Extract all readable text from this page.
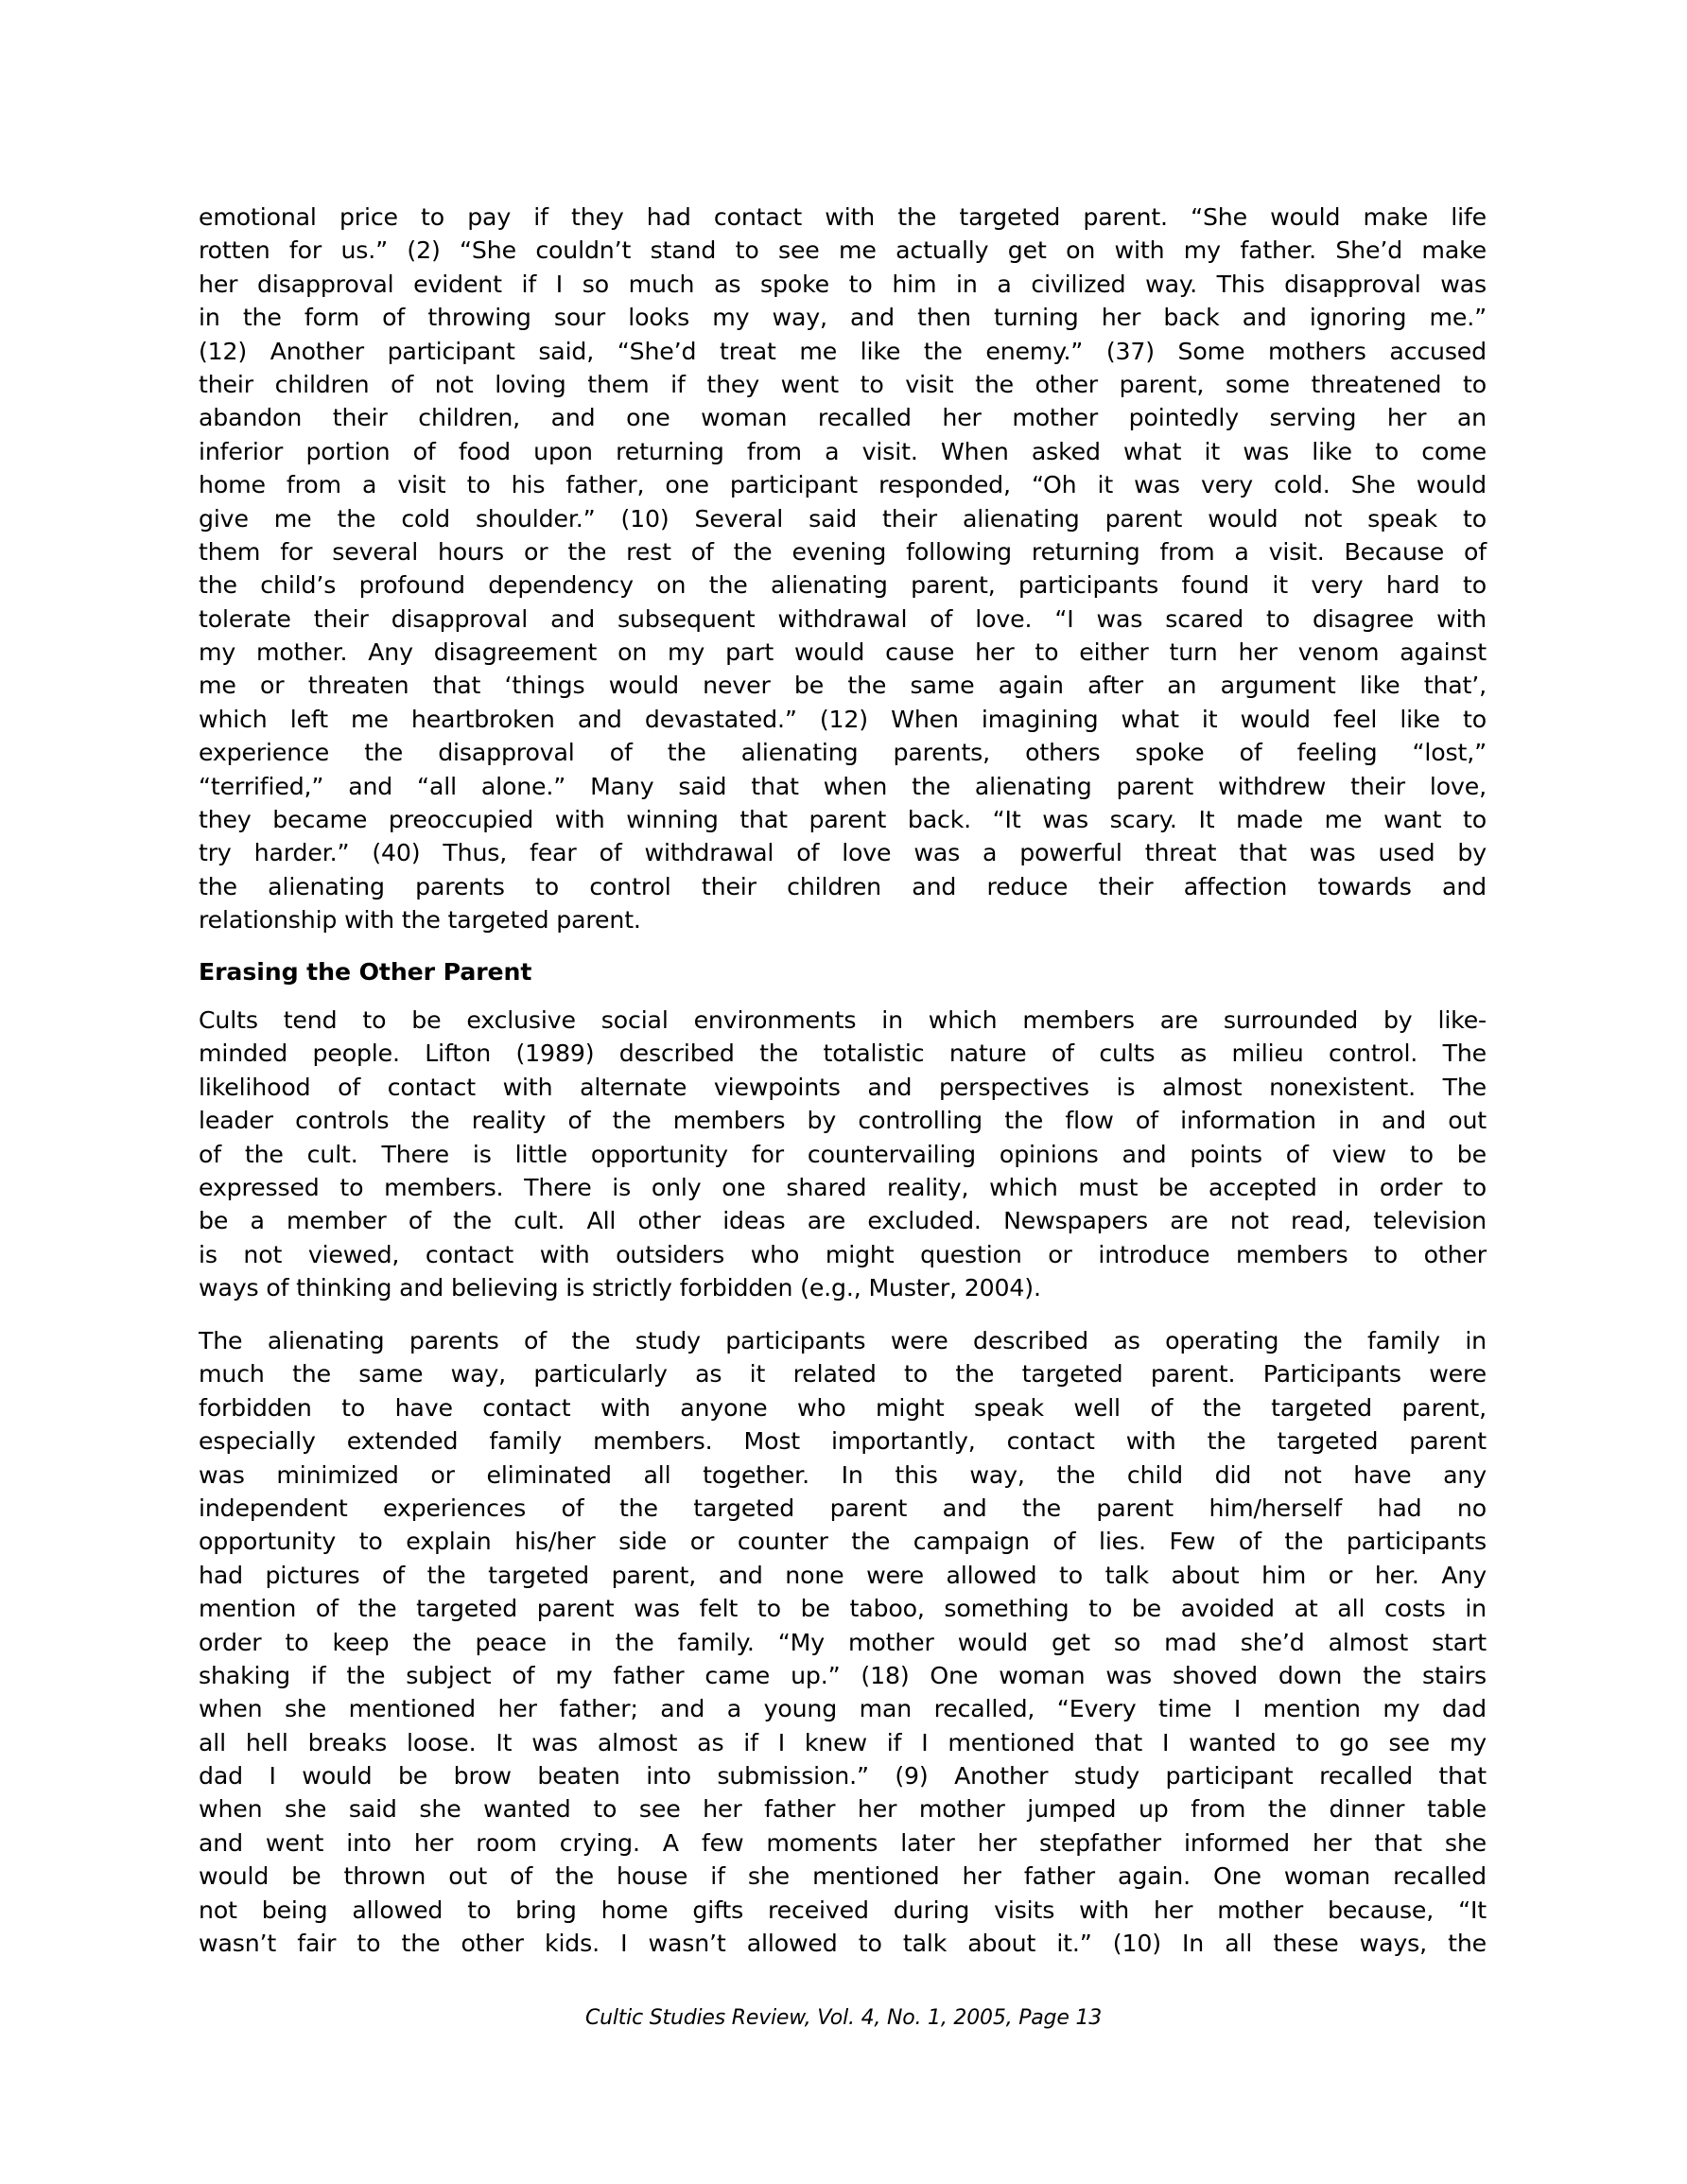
emotional price to pay if they had contact with the targeted parent. “She would make life
rotten for us.” (2) “She couldn’t stand to see me actually get on with my father. She’d make
her disapproval evident if I so much as spoke to him in a civilized way. This disapproval was
in the form of throwing sour looks my way, and then turning her back and ignoring me.”
(12) Another participant said, “She’d treat me like the enemy.” (37) Some mothers accused
their children of not loving them if they went to visit the other parent, some threatened to
abandon their children, and one woman recalled her mother pointedly serving her an
inferior portion of food upon returning from a visit. When asked what it was like to come
home from a visit to his father, one participant responded, “Oh it was very cold. She would
give me the cold shoulder.” (10) Several said their alienating parent would not speak to
them for several hours or the rest of the evening following returning from a visit. Because of
the child’s profound dependency on the alienating parent, participants found it very hard to
tolerate their disapproval and subsequent withdrawal of love. “I was scared to disagree with
my mother. Any disagreement on my part would cause her to either turn her venom against
me or threaten that ‘things would never be the same again after an argument like that’,
which left me heartbroken and devastated.” (12) When imagining what it would feel like to
experience the disapproval of the alienating parents, others spoke of feeling “lost,”
“terrified,” and “all alone.” Many said that when the alienating parent withdrew their love,
they became preoccupied with winning that parent back. “It was scary. It made me want to
try harder.” (40) Thus, fear of withdrawal of love was a powerful threat that was used by
the alienating parents to control their children and reduce their affection towards and
relationship with the targeted parent.
Erasing the Other Parent
Cults tend to be exclusive social environments in which members are surrounded by like-
minded people. Lifton (1989) described the totalistic nature of cults as milieu control. The
likelihood of contact with alternate viewpoints and perspectives is almost nonexistent. The
leader controls the reality of the members by controlling the flow of information in and out
of the cult. There is little opportunity for countervailing opinions and points of view to be
expressed to members. There is only one shared reality, which must be accepted in order to
be a member of the cult. All other ideas are excluded. Newspapers are not read, television
is not viewed, contact with outsiders who might question or introduce members to other
ways of thinking and believing is strictly forbidden (e.g., Muster, 2004).
The alienating parents of the study participants were described as operating the family in
much the same way, particularly as it related to the targeted parent. Participants were
forbidden to have contact with anyone who might speak well of the targeted parent,
especially extended family members. Most importantly, contact with the targeted parent
was minimized or eliminated all together. In this way, the child did not have any
independent experiences of the targeted parent and the parent him/herself had no
opportunity to explain his/her side or counter the campaign of lies. Few of the participants
had pictures of the targeted parent, and none were allowed to talk about him or her. Any
mention of the targeted parent was felt to be taboo, something to be avoided at all costs in
order to keep the peace in the family. “My mother would get so mad she’d almost start
shaking if the subject of my father came up.” (18) One woman was shoved down the stairs
when she mentioned her father; and a young man recalled, “Every time I mention my dad
all hell breaks loose. It was almost as if I knew if I mentioned that I wanted to go see my
dad I would be brow beaten into submission.” (9) Another study participant recalled that
when she said she wanted to see her father her mother jumped up from the dinner table
and went into her room crying. A few moments later her stepfather informed her that she
would be thrown out of the house if she mentioned her father again. One woman recalled
not being allowed to bring home gifts received during visits with her mother because, “It
wasn’t fair to the other kids. I wasn’t allowed to talk about it.” (10) In all these ways, the
Cultic Studies Review, Vol. 4, No. 1, 2005, Page 13
